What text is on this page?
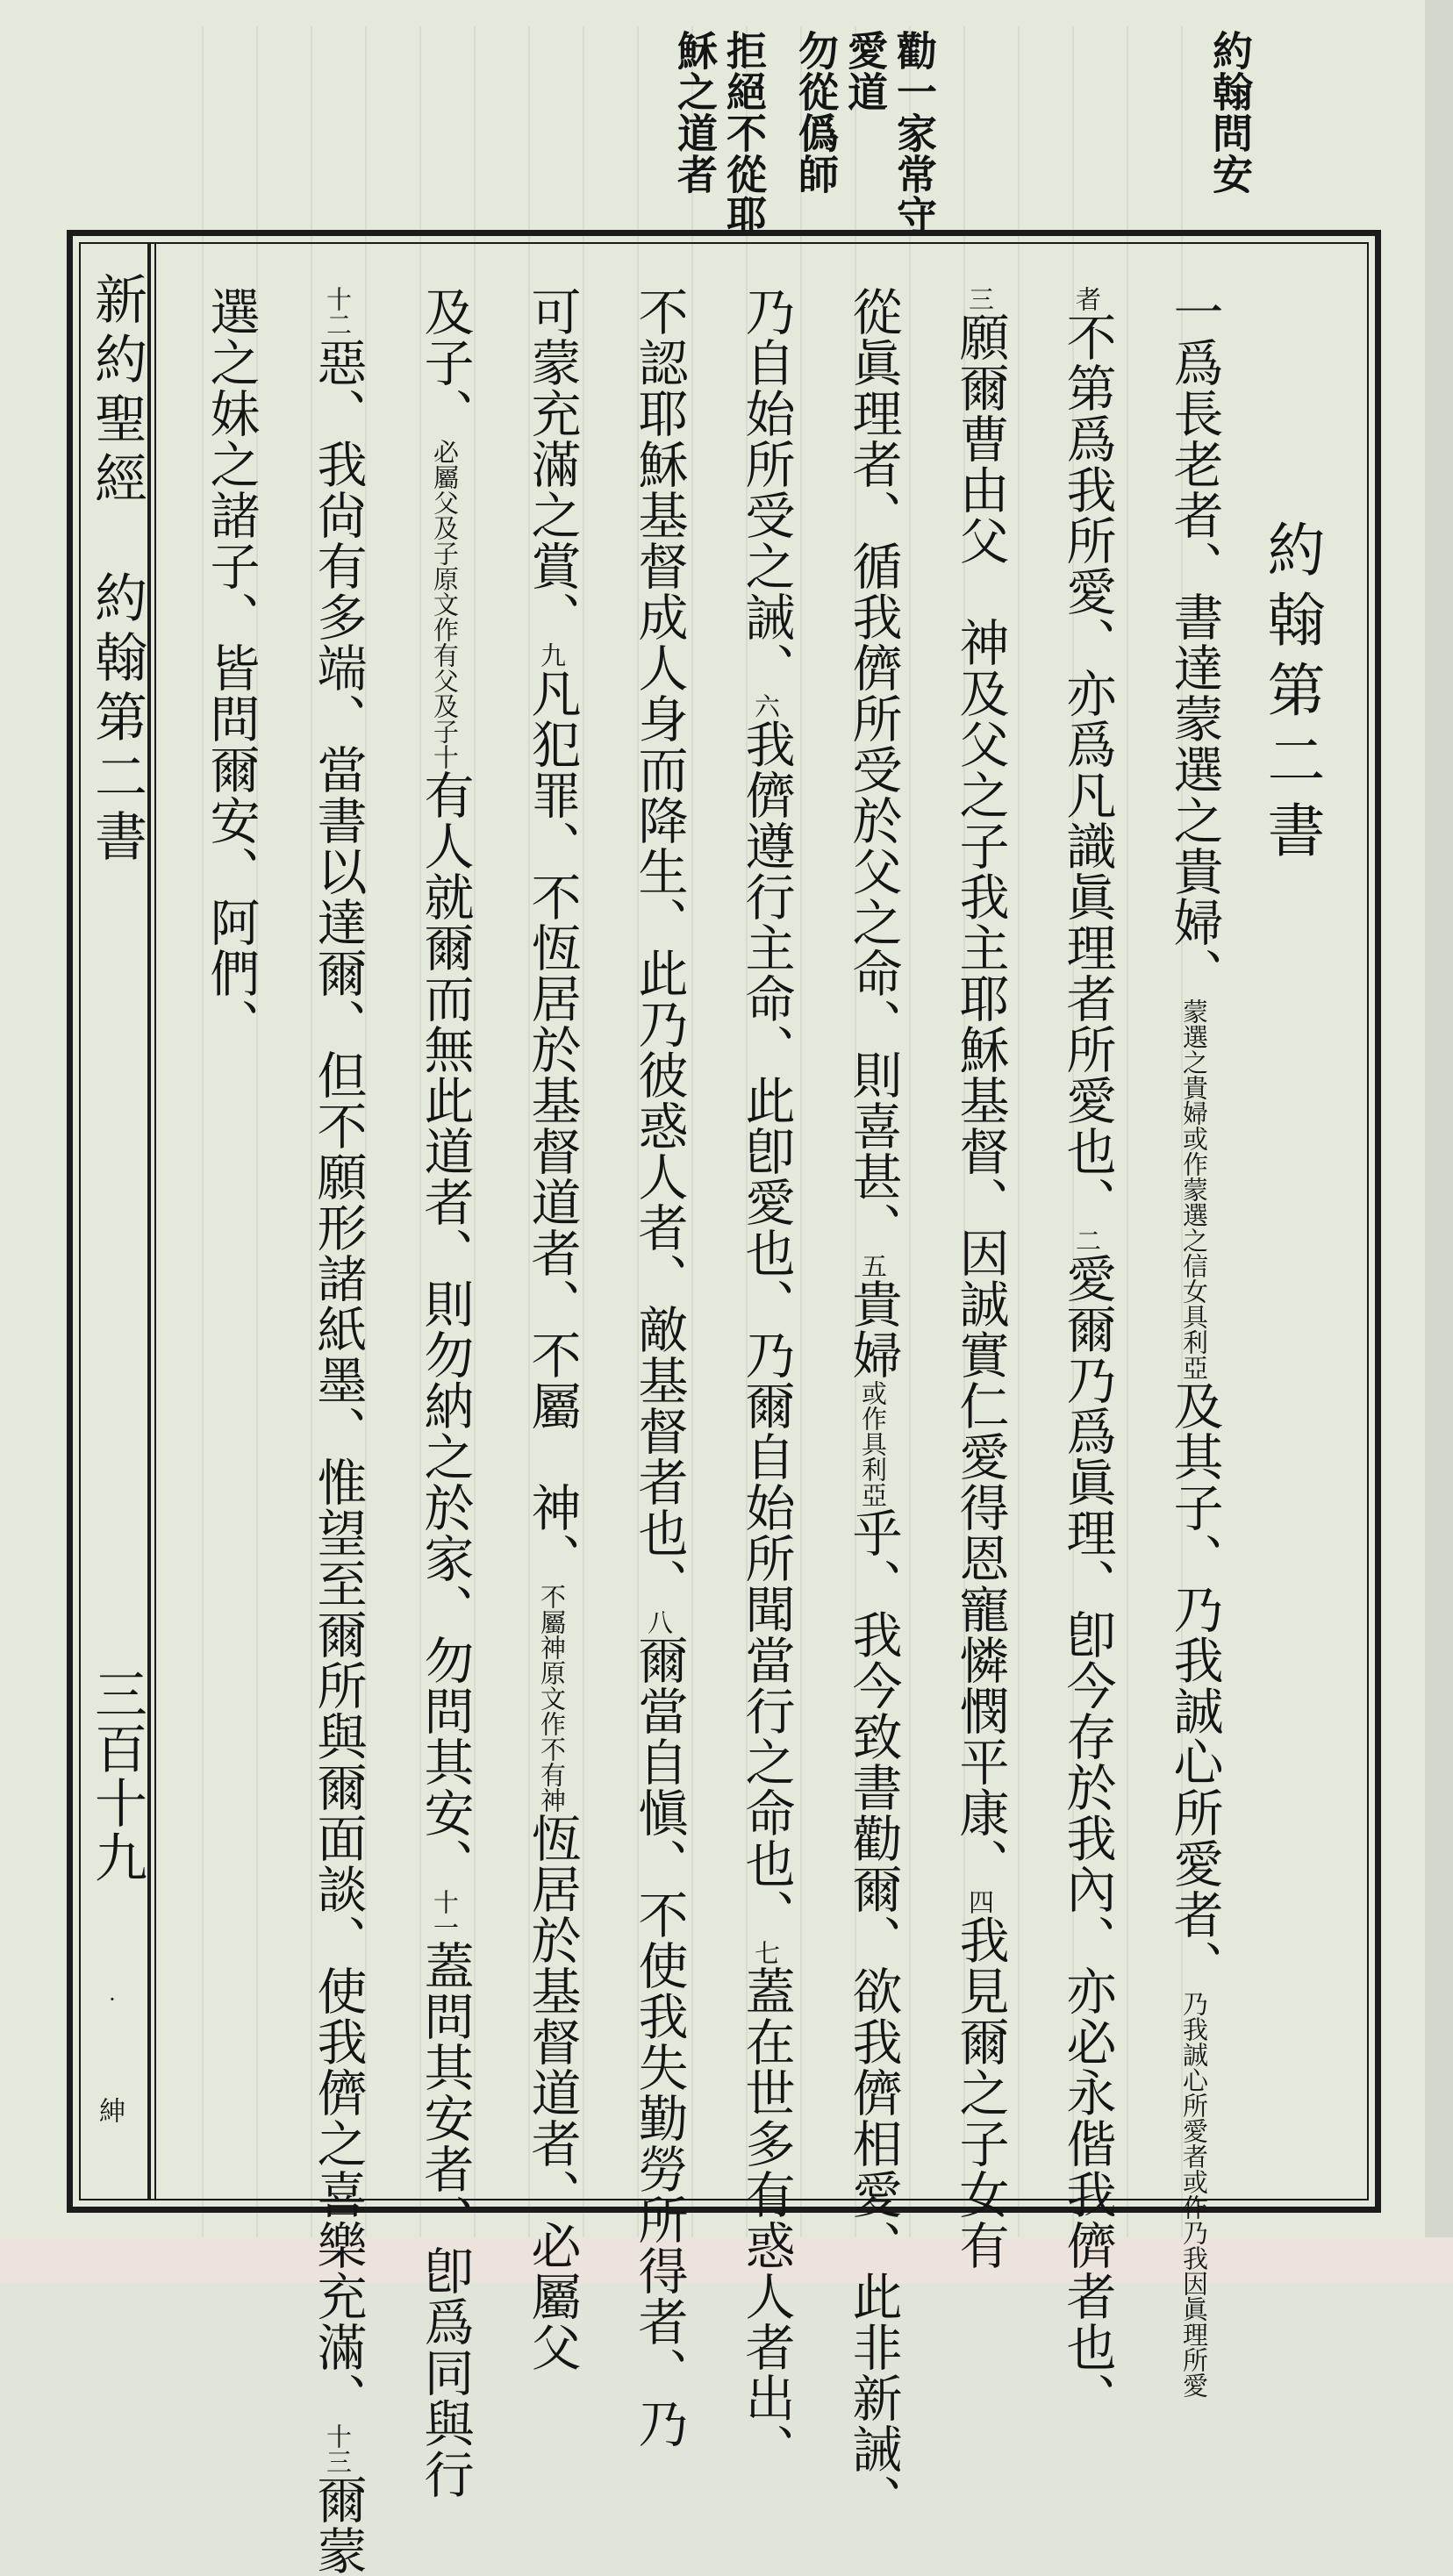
約翰問安
勸一家常守
愛道
勿從僞師
拒絕不從耶
穌之道者
新約聖經　約翰第二書
三百十九
·
紳
約翰第二書
一爲長老者、書達蒙選之貴婦、蒙選之貴婦或作蒙選之信女具利亞及其子、乃我誠心所愛者、乃我誠心所愛者或作乃我因眞理所愛
者不第爲我所愛、亦爲凡識眞理者所愛也、二愛爾乃爲眞理、卽今存於我內、亦必永偕我儕者也、
三願爾曹由父　神及父之子我主耶穌基督、因誠實仁愛得恩寵憐憫平康、四我見爾之子女有
從眞理者、循我儕所受於父之命、則喜甚、五貴婦或作具利亞乎、我今致書勸爾、欲我儕相愛、此非新誡、
乃自始所受之誡、六我儕遵行主命、此卽愛也、乃爾自始所聞當行之命也、七蓋在世多有惑人者出、
不認耶穌基督成人身而降生、此乃彼惑人者、敵基督者也、八爾當自愼、不使我失勤勞所得者、乃
可蒙充滿之賞、九凡犯罪、不恆居於基督道者、不屬　神、不屬神原文作不有神恆居於基督道者、必屬父
及子、必屬父及子原文作有父及子十有人就爾而無此道者、則勿納之於家、勿問其安、十一蓋問其安者、卽爲同與行
十二惡、我尙有多端、當書以達爾、但不願形諸紙墨、惟望至爾所與爾面談、使我儕之喜樂充滿、十三爾蒙
選之妹之諸子、皆問爾安、阿們、
